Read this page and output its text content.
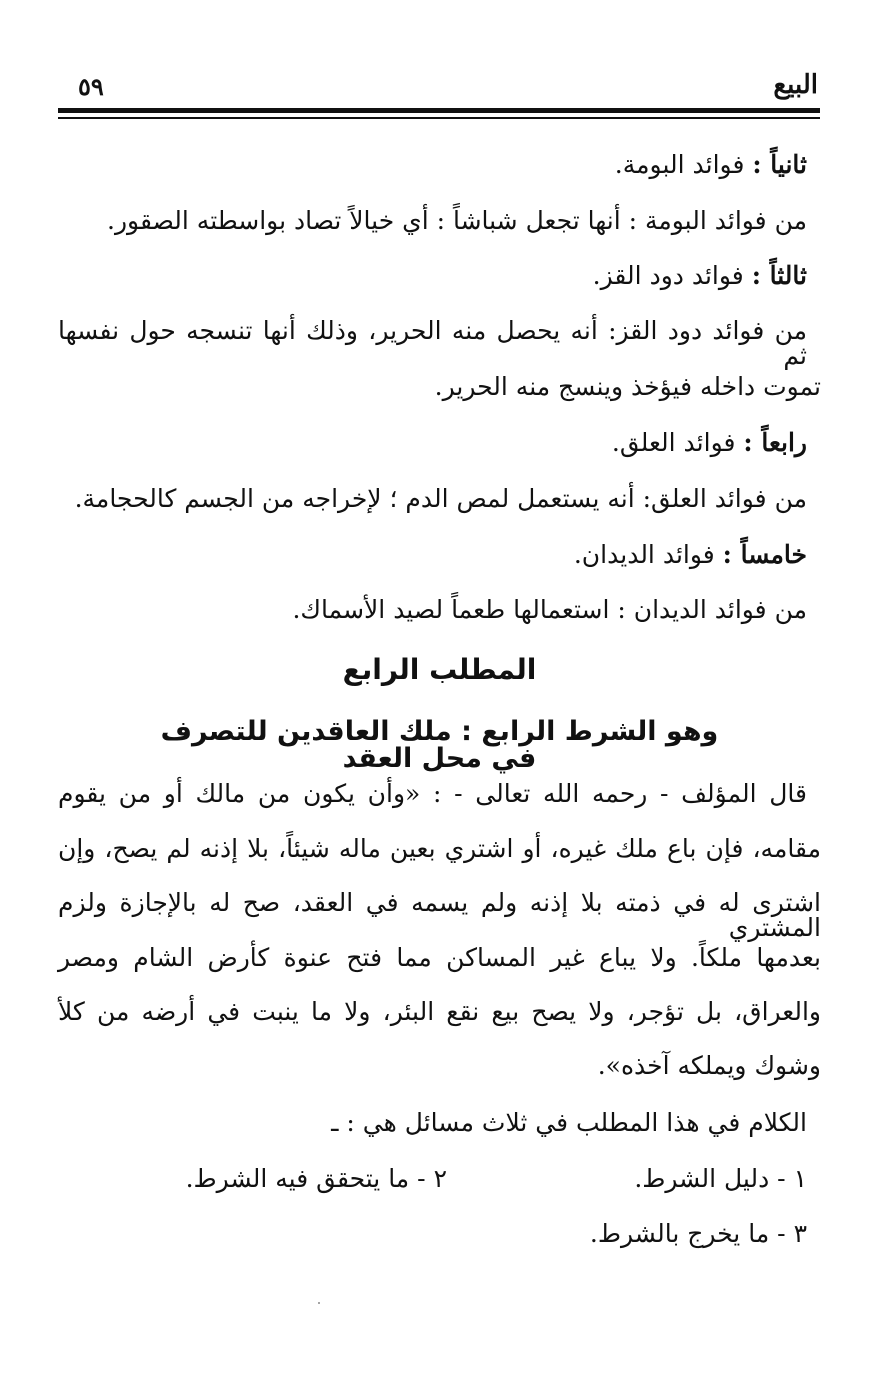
البيع
٥٩
ثانياً : فوائد البومة.
من فوائد البومة : أنها تجعل شباشاً : أي خيالاً تصاد بواسطته الصقور.
ثالثاً : فوائد دود القز.
من فوائد دود القز: أنه يحصل منه الحرير، وذلك أنها تنسجه حول نفسها ثم
تموت داخله فيؤخذ وينسج منه الحرير.
رابعاً : فوائد العلق.
من فوائد العلق: أنه يستعمل لمص الدم ؛ لإخراجه من الجسم كالحجامة.
خامساً : فوائد الديدان.
من فوائد الديدان : استعمالها طعماً لصيد الأسماك.
المطلب الرابع
وهو الشرط الرابع : ملك العاقدين للتصرف في محل العقد
قال المؤلف - رحمه الله تعالى - : «وأن يكون من مالك أو من يقوم
مقامه، فإن باع ملك غيره، أو اشتري بعين ماله شيئاً، بلا إذنه لم يصح، وإن
اشترى له في ذمته بلا إذنه ولم يسمه في العقد، صح له بالإجازة ولزم المشتري
بعدمها ملكاً. ولا يباع غير المساكن مما فتح عنوة كأرض الشام ومصر
والعراق، بل تؤجر، ولا يصح بيع نقع البئر، ولا ما ينبت في أرضه من كلأ
وشوك ويملكه آخذه».
الكلام في هذا المطلب في ثلاث مسائل هي : ـ
١ - دليل الشرط.
٢ - ما يتحقق فيه الشرط.
٣ - ما يخرج بالشرط.
